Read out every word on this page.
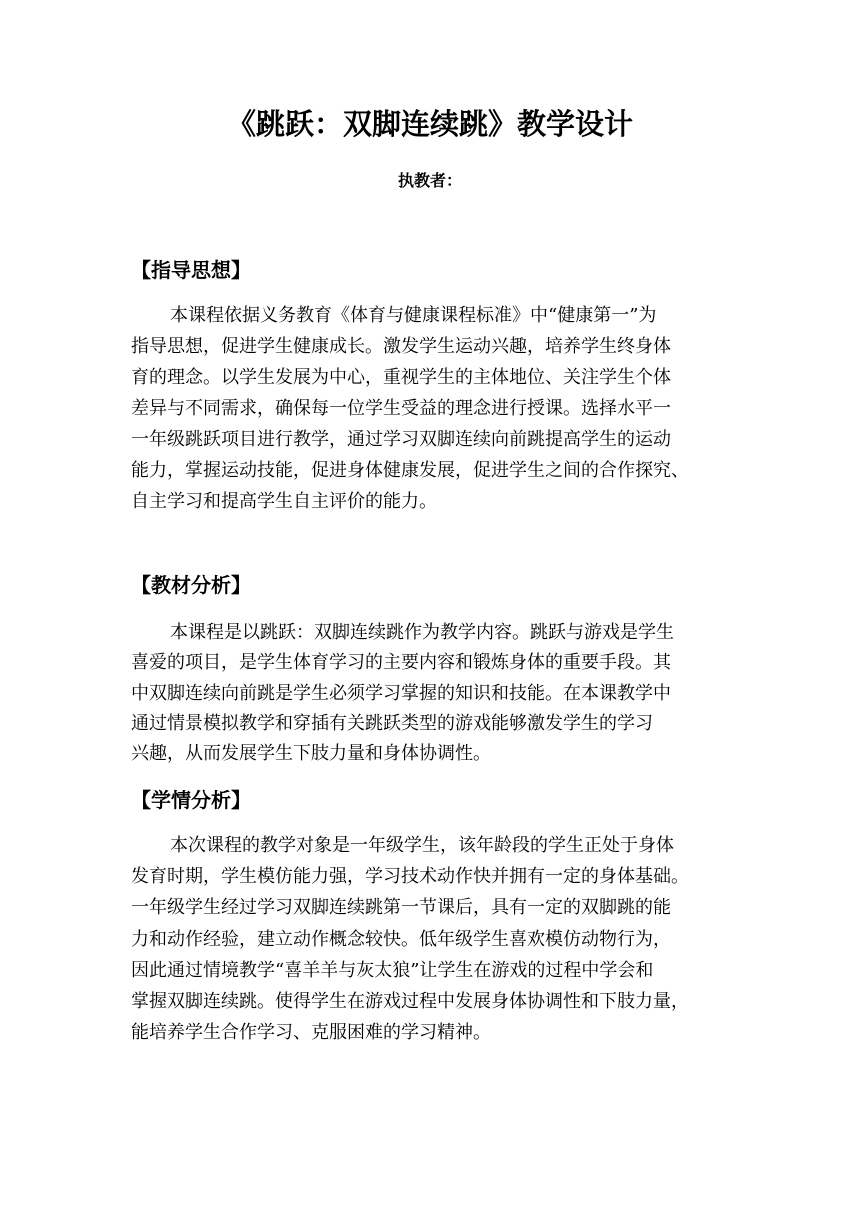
《跳跃：双脚连续跳》教学设计

执教者：

【指导思想】

本课程依据义务教育《体育与健康课程标准》中“健康第一”为

指导思想，促进学生健康成长。激发学生运动兴趣，培养学生终身体

育的理念。以学生发展为中心，重视学生的主体地位、关注学生个体

差异与不同需求，确保每一位学生受益的理念进行授课。选择水平一

一年级跳跃项目进行教学，通过学习双脚连续向前跳提高学生的运动

能力，掌握运动技能，促进身体健康发展，促进学生之间的合作探究、

自主学习和提高学生自主评价的能力。

【教材分析】

本课程是以跳跃：双脚连续跳作为教学内容。跳跃与游戏是学生

喜爱的项目，是学生体育学习的主要内容和锻炼身体的重要手段。其

中双脚连续向前跳是学生必须学习掌握的知识和技能。在本课教学中

通过情景模拟教学和穿插有关跳跃类型的游戏能够激发学生的学习

兴趣，从而发展学生下肢力量和身体协调性。

【学情分析】

本次课程的教学对象是一年级学生，该年龄段的学生正处于身体

发育时期，学生模仿能力强，学习技术动作快并拥有一定的身体基础。

一年级学生经过学习双脚连续跳第一节课后，具有一定的双脚跳的能

力和动作经验，建立动作概念较快。低年级学生喜欢模仿动物行为，

因此通过情境教学“喜羊羊与灰太狼”让学生在游戏的过程中学会和

掌握双脚连续跳。使得学生在游戏过程中发展身体协调性和下肢力量，

能培养学生合作学习、克服困难的学习精神。
